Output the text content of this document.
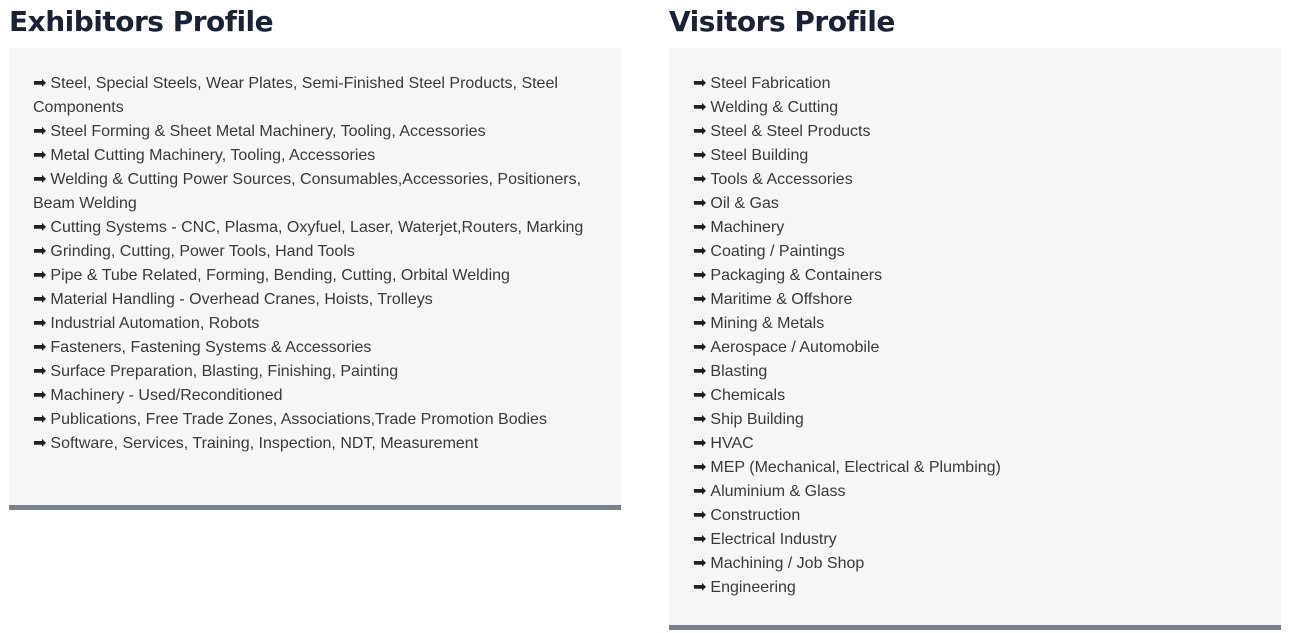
Exhibitors Profile
➡ Steel, Special Steels, Wear Plates, Semi-Finished Steel Products, Steel Components
➡ Steel Forming & Sheet Metal Machinery, Tooling, Accessories
➡ Metal Cutting Machinery, Tooling, Accessories
➡ Welding & Cutting Power Sources, Consumables,Accessories, Positioners, Beam Welding
➡ Cutting Systems - CNC, Plasma, Oxyfuel, Laser, Waterjet,Routers, Marking
➡ Grinding, Cutting, Power Tools, Hand Tools
➡ Pipe & Tube Related, Forming, Bending, Cutting, Orbital Welding
➡ Material Handling - Overhead Cranes, Hoists, Trolleys
➡ Industrial Automation, Robots
➡ Fasteners, Fastening Systems & Accessories
➡ Surface Preparation, Blasting, Finishing, Painting
➡ Machinery - Used/Reconditioned
➡ Publications, Free Trade Zones, Associations,Trade Promotion Bodies
➡ Software, Services, Training, Inspection, NDT, Measurement
Visitors Profile
➡ Steel Fabrication
➡ Welding & Cutting
➡ Steel & Steel Products
➡ Steel Building
➡ Tools & Accessories
➡ Oil & Gas
➡ Machinery
➡ Coating / Paintings
➡ Packaging & Containers
➡ Maritime & Offshore
➡ Mining & Metals
➡ Aerospace / Automobile
➡ Blasting
➡ Chemicals
➡ Ship Building
➡ HVAC
➡ MEP (Mechanical, Electrical & Plumbing)
➡ Aluminium & Glass
➡ Construction
➡ Electrical Industry
➡ Machining / Job Shop
➡ Engineering
